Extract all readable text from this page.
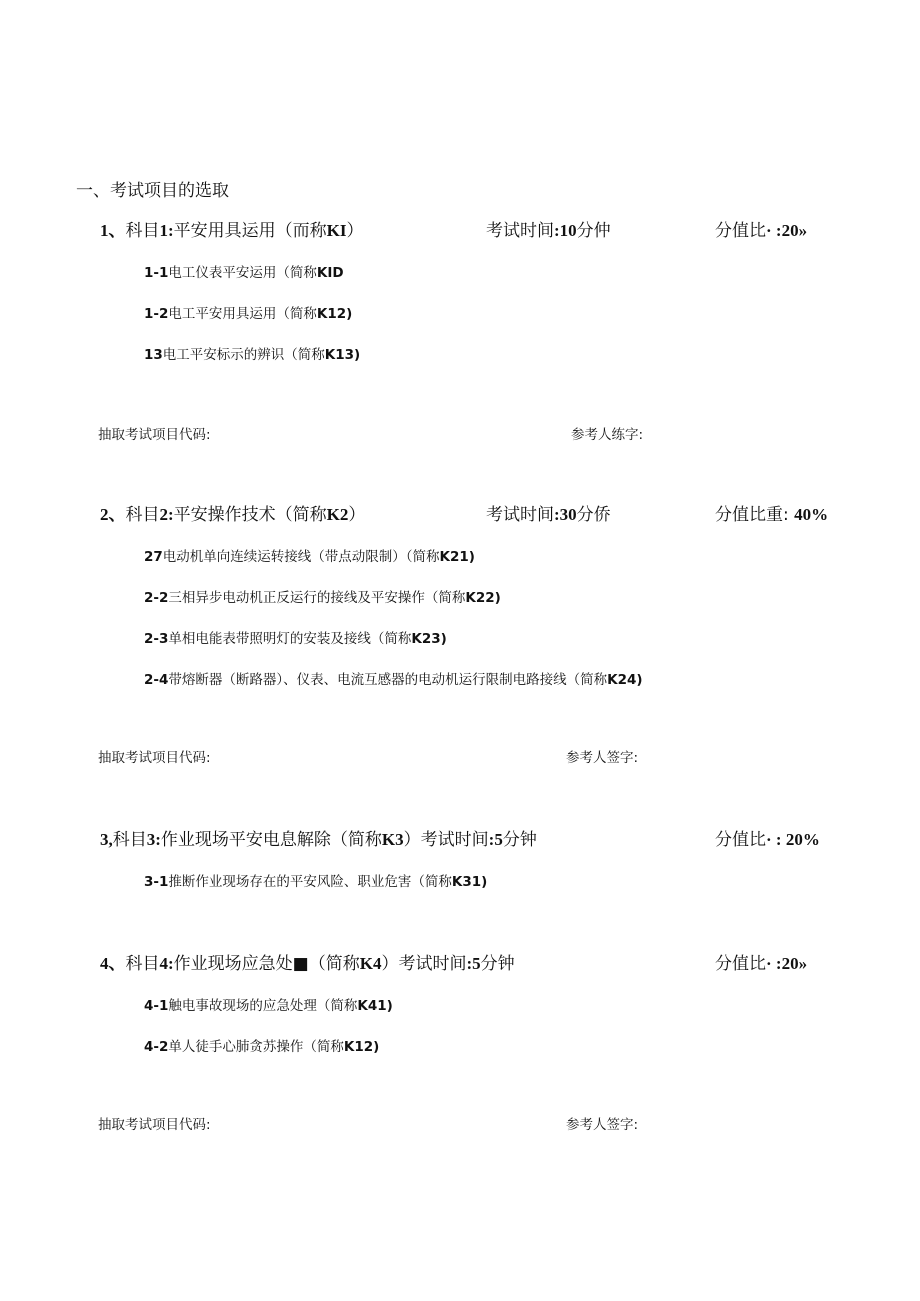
一、考试项目的选取
1、科目1:平安用具运用（而称KI）	考试时间:10分仲	分值比· :20»
1-1电工仪表平安运用（简称KID
1-2电工平安用具运用（简称K12)
13电工平安标示的辨识（简称K13)
抽取考试项目代码:	参考人练字:
2、科目2:平安操作技术（简称K2）	考试时间:30分侨	分值比重: 40%
27电动机单向连续运转接线（带点动限制）（简称K21)
2-2三相异步电动机正反运行的接线及平安操作（简称K22)
2-3单相电能表带照明灯的安装及接线（简称K23)
2-4带熔断器（断路器）、仪表、电流互感器的电动机运行限制电路接线（简称K24)
抽取考试项目代码:	参考人签字:
3,科目3:作业现场平安电息解除（简称K3）考试时间:5分钟	分值比· : 20%
3-1推断作业现场存在的平安风险、职业危害（简称K31)
4、科目4:作业现场应急处■（简称K4）考试时间:5分钟	分值比· :20»
4-1触电事故现场的应急处理（简称K41)
4-2单人徒手心肺贪苏操作（简称K12)
抽取考试项目代码:	参考人签字:
